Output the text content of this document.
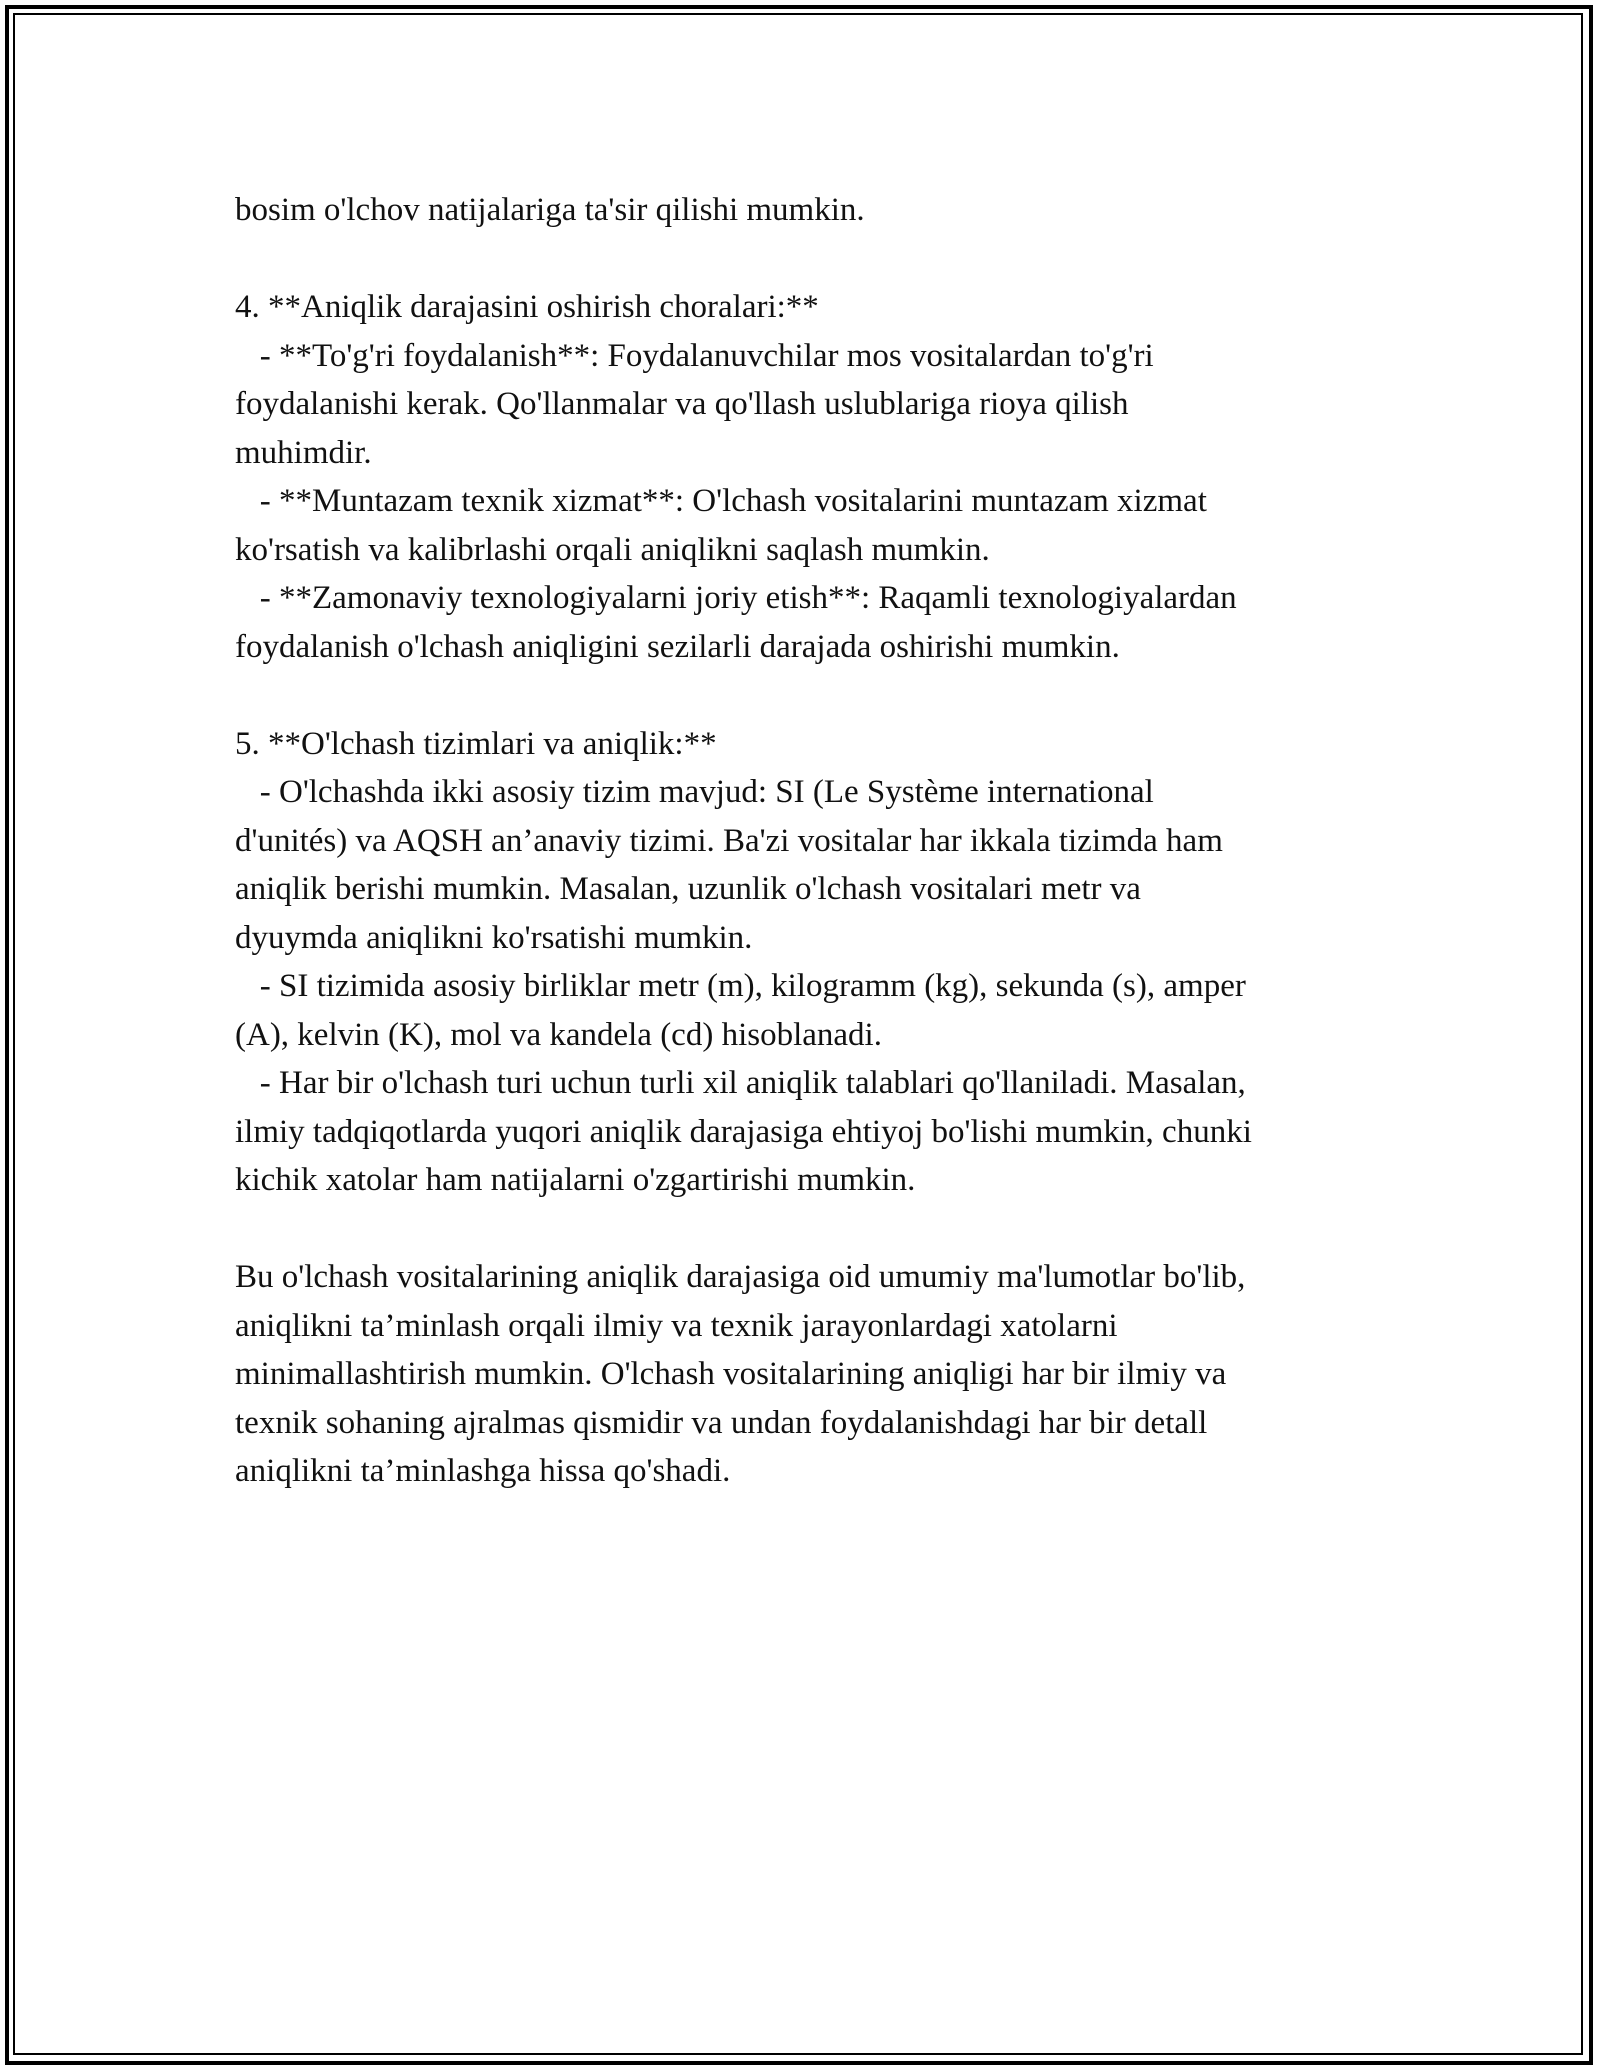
bosim o'lchov natijalariga ta'sir qilishi mumkin.
4. **Aniqlik darajasini oshirish choralari:**
- **To'g'ri foydalanish**: Foydalanuvchilar mos vositalardan to'g'ri
foydalanishi kerak. Qo'llanmalar va qo'llash uslublariga rioya qilish
muhimdir.
- **Muntazam texnik xizmat**: O'lchash vositalarini muntazam xizmat
ko'rsatish va kalibrlashi orqali aniqlikni saqlash mumkin.
- **Zamonaviy texnologiyalarni joriy etish**: Raqamli texnologiyalardan
foydalanish o'lchash aniqligini sezilarli darajada oshirishi mumkin.
5. **O'lchash tizimlari va aniqlik:**
- O'lchashda ikki asosiy tizim mavjud: SI (Le Système international
d'unités) va AQSH an’anaviy tizimi. Ba'zi vositalar har ikkala tizimda ham
aniqlik berishi mumkin. Masalan, uzunlik o'lchash vositalari metr va
dyuymda aniqlikni ko'rsatishi mumkin.
- SI tizimida asosiy birliklar metr (m), kilogramm (kg), sekunda (s), amper
(A), kelvin (K), mol va kandela (cd) hisoblanadi.
- Har bir o'lchash turi uchun turli xil aniqlik talablari qo'llaniladi. Masalan,
ilmiy tadqiqotlarda yuqori aniqlik darajasiga ehtiyoj bo'lishi mumkin, chunki
kichik xatolar ham natijalarni o'zgartirishi mumkin.
Bu o'lchash vositalarining aniqlik darajasiga oid umumiy ma'lumotlar bo'lib,
aniqlikni ta’minlash orqali ilmiy va texnik jarayonlardagi xatolarni
minimallashtirish mumkin. O'lchash vositalarining aniqligi har bir ilmiy va
texnik sohaning ajralmas qismidir va undan foydalanishdagi har bir detall
aniqlikni ta’minlashga hissa qo'shadi.
